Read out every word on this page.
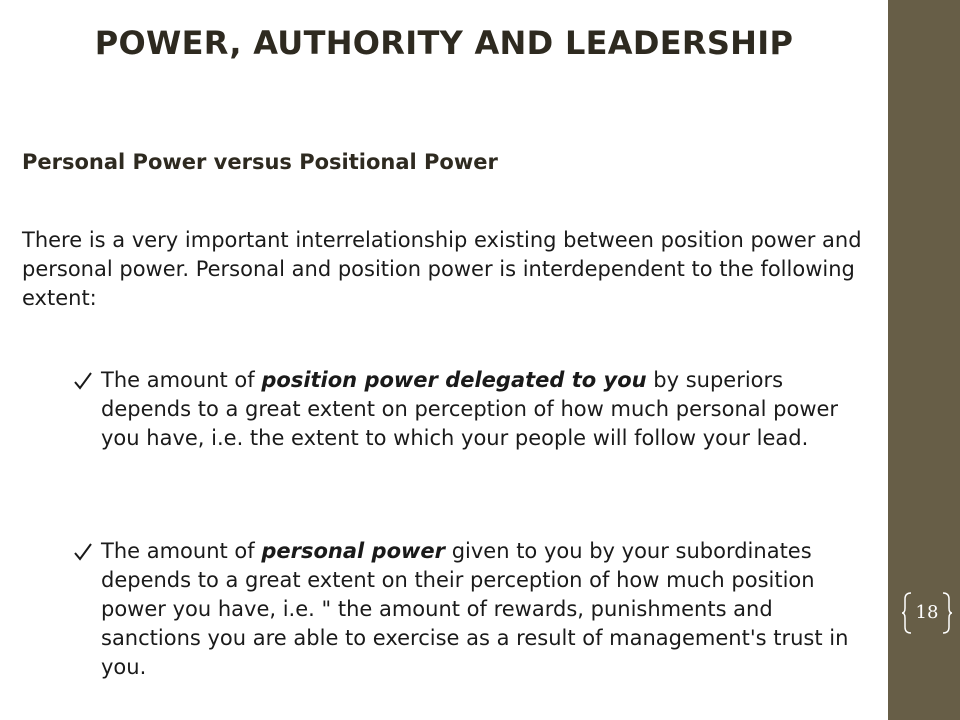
18
POWER, AUTHORITY AND LEADERSHIP
Personal Power versus Positional Power
There is a very important interrelationship existing between position power and personal power. Personal and position power is interdependent to the following extent:
The amount of position power delegated to you by superiors depends to a great extent on perception of how much personal power you have, i.e. the extent to which your people will follow your lead.
The amount of personal power given to you by your subordinates depends to a great extent on their perception of how much position power you have, i.e. " the amount of rewards, punishments and sanctions you are able to exercise as a result of management's trust in you.
